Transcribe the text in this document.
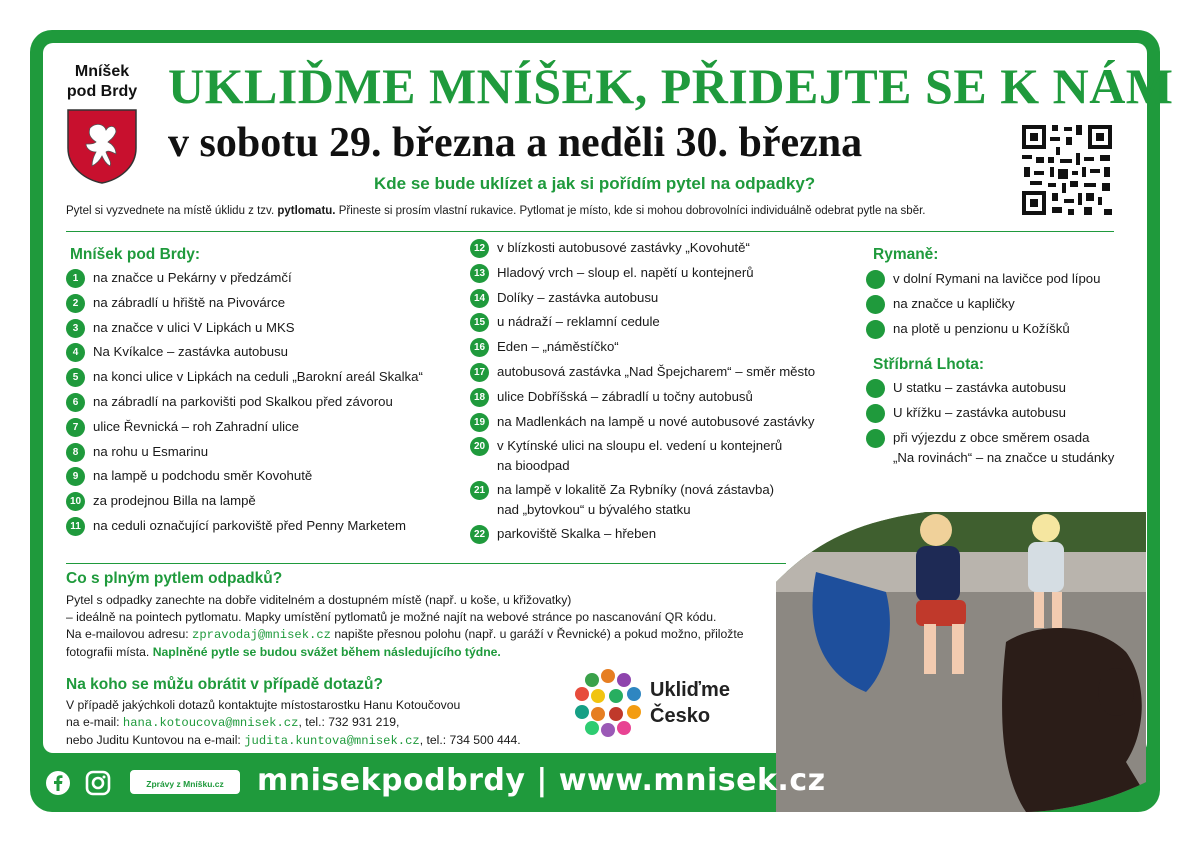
Mníšek
pod Brdy UKLIĎME MNÍŠEK, PŘIDEJTE SE K NÁM
v sobotu 29. března a neděli 30. března
Kde se bude uklízet a jak si pořídím pytel na odpadky?
Pytel si vyzvednete na místě úklidu z tzv. pytlomatu. Přineste si prosím vlastní rukavice. Pytlomat je místo, kde si mohou dobrovolníci individuálně odebrat pytle na sběr.
Mníšek pod Brdy:
1	na značce u Pekárny v předzámčí
2	na zábradlí u hřiště na Pivovárce
3	na značce v ulici V Lipkách u MKS
4	Na Kvíkalce – zastávka autobusu
5	na konci ulice v Lipkách na ceduli „Barokní areál Skalka“
6	na zábradlí na parkovišti pod Skalkou před závorou
7	ulice Řevnická – roh Zahradní ulice
8	na rohu u Esmarinu
9	na lampě u podchodu směr Kovohutě
10 za prodejnou Billa na lampě
11 na ceduli označující parkoviště před Penny Marketem
12 v blízkosti autobusové zastávky „Kovohutě“
13 Hladový vrch – sloup el. napětí u kontejnerů
14 Dolíky – zastávka autobusu
15 u nádraží – reklamní cedule
16 Eden – „náměstíčko“
17 autobusová zastávka „Nad Špejcharem“ – směr město
18 ulice Dobříšská – zábradlí u točny autobusů
19 na Madlenkách na lampě u nové autobusové zastávky
20 v Kytínské ulici na sloupu el. vedení u kontejnerů
na bioodpad
21 na lampě v lokalitě Za Rybníky (nová zástavba)
nad „bytovkou“ u bývalého statku
22 parkoviště Skalka – hřeben
Rymaně:
v dolní Rymani na lavičce pod lípou
na značce u kapličky
na plotě u penzionu u Kožíšků
Stříbrná Lhota:
U statku – zastávka autobusu
U křížku – zastávka autobusu
při výjezdu z obce směrem osada
„Na rovinách“ – na značce u studánky
Co s plným pytlem odpadků?
Pytel s odpadky zanechte na dobře viditelném a dostupném místě (např. u koše, u křižovatky)
– ideálně na pointech pytlomatu. Mapky umístění pytlomatů je možné najít na webové stránce po nascanování QR kódu.
Na e-mailovou adresu: zpravodaj@mnisek.cz napište přesnou polohu (např. u garáží v Řevnické) a pokud možno, přiložte
fotografii místa. Naplněné pytle se budou svážet během následujícího týdne.
Na koho se můžu obrátit v případě dotazů?
V případě jakýchkoli dotazů kontaktujte místostarostku Hanu Kotoučovou
na e-mail: hana.kotoucova@mnisek.cz, tel.: 732 931 219,
nebo Juditu Kuntovou na e-mail: judita.kuntova@mnisek.cz, tel.: 734 500 444.
Ukliďme
Česko
Zprávy z Mníšku.cz	mnisekpodbrdy | www.mnisek.cz
